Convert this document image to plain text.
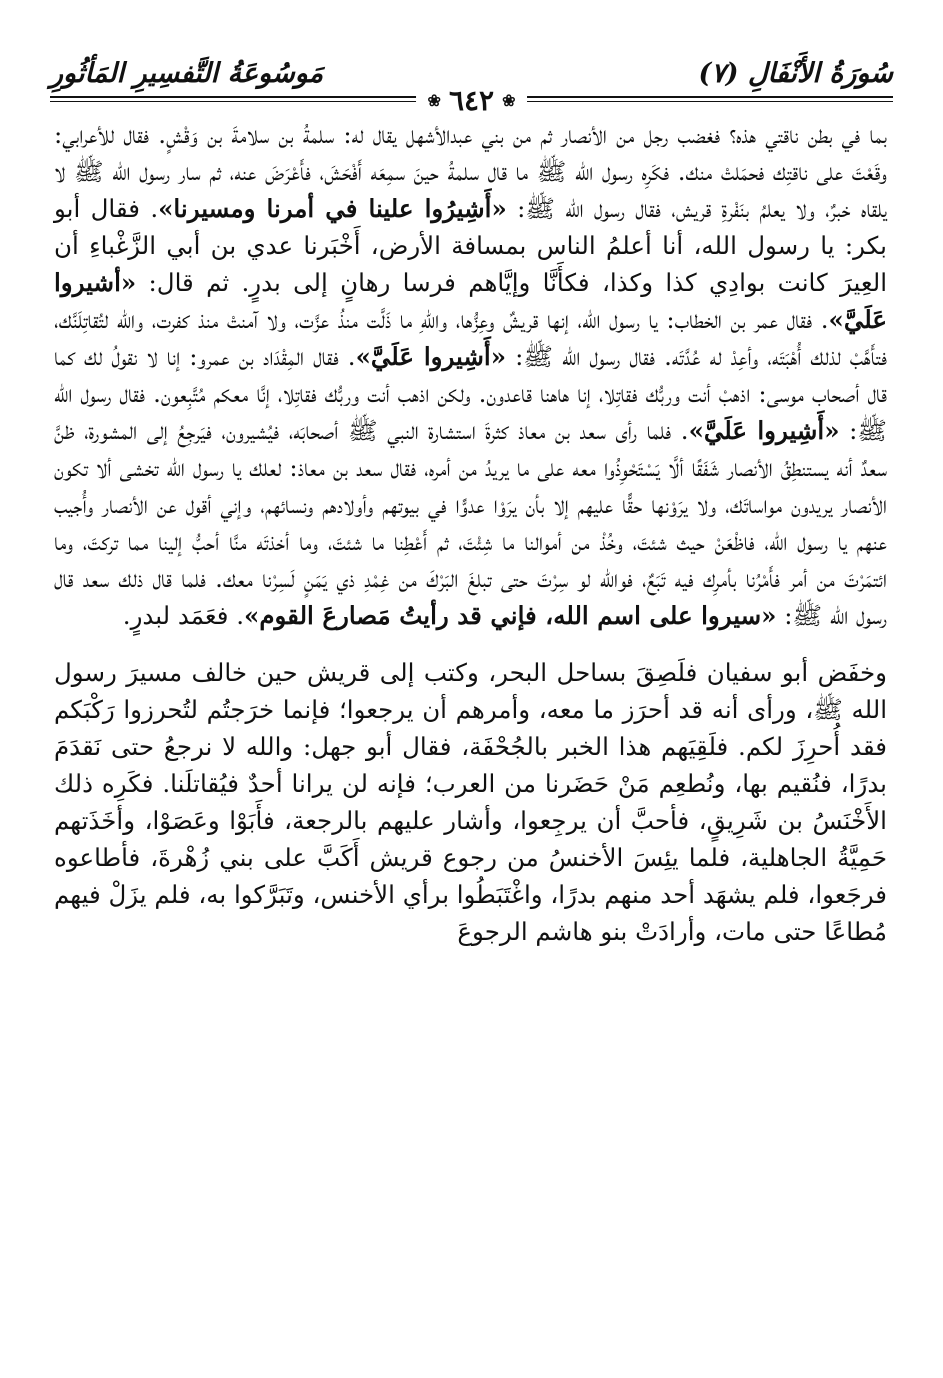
سُورَةُ الأَنْفَالِ (٧)
مَوسُوعَةُ التَّفسِيرِ المَأثُورِ
❀
٦٤٢
❀

بما في بطن ناقتي هذه؟ فغضب رجل من الأنصار ثم من بني عبدالأشهل يقال له: سلمةُ بن سلامةَ بن وَقْشٍ. فقال للأعرابي: وقَعْتَ على ناقتِك فحمَلتْ منك. فكَرِه رسول الله ﷺ ما قال سلمةُ حينَ سمِعَه أَفْحَشَ، فأَعْرَضَ عنه، ثم سار رسول الله ﷺ لا يلقاه خبرٌ، ولا يعلمُ بنَفْرةِ قريش، فقال رسول الله ﷺ: «أَشِيرُوا علينا في أمرنا ومسيرنا». فقال أبو بكر: يا رسول الله، أنا أعلمُ الناس بمسافة الأرض، أَخْبَرنا عدي بن أبي الزَّغْباءِ أن العِيرَ كانت بوادِي كذا وكذا، فكأَنَّا وإيَّاهم فرسا رهانٍ إلى بدرٍ. ثم قال: «أشيروا عَلَيَّ». فقال عمر بن الخطاب: يا رسول الله، إنها قريشٌ وعِزُّها، واللهِ ما ذَلَّت منذُ عزَّت، ولا آمنتْ منذ كفرت، والله لتُقاتِلَنَّك، فتأَهَّبْ لذلك أُهْبَتَه، وأعِدْ له عُدَّتَه. فقال رسول الله ﷺ: «أَشِيروا عَلَيَّ». فقال المِقْدَاد بن عمرو: إنا لا نقولُ لك كما قال أصحاب موسى: اذهبْ أنت وربُّك فقاتِلا، إنا هاهنا قاعدون. ولكن اذهب أنت وربُّك فقاتِلا، إنَّا معكم مُتَّبِعون. فقال رسول الله ﷺ: «أَشِيروا عَلَيَّ». فلما رأى سعد بن معاذ كثرةَ استشارة النبي ﷺ أصحابَه، فيُشيرون، فيَرجِعُ إلى المشورة، ظنَّ سعدٌ أنه يستنطِقُ الأنصار شَفَقًا ألَّا يَسْتَحْوِذُوا معه على ما يريدُ من أمره، فقال سعد بن معاذ: لعلك يا رسول الله تخشى ألا تكون الأنصار يريدون مواساتَك، ولا يرَوْنها حقًّا عليهم إلا بأن يرَوْا عدوًّا في بيوتهم وأولادهم ونسائهم، وإني أقول عن الأنصار وأُجيب عنهم يا رسول الله، فاظْعَنْ حيث شئتَ، وخُذْ من أموالنا ما شِئْتَ، ثم أَعْطِنا ما شئتَ، وما أخذتَه منَّا أحبُّ إلينا مما تركتَ، وما ائتمَرْتَ من أمر فأَمْرُنا بأمرِك فيه تَبَعٌ، فوالله لو سِرْتَ حتى تبلغَ البَرْكَ من غِمْدِ ذي يَمَنٍ لَسِرْنا معك. فلما قال ذلك سعد قال رسول الله ﷺ: «سيروا على اسم الله، فإني قد رأيتُ مَصارعَ القوم». فعَمَد لبدرٍ.

وخفَض أبو سفيان فلَصِقَ بساحل البحر، وكتب إلى قريش حين خالف مسيرَ رسول الله ﷺ، ورأى أنه قد أحرَز ما معه، وأمرهم أن يرجعوا؛ فإنما خرَجتُم لتُحرزوا رَكْبَكم فقد أُحرِزَ لكم. فلَقِيَهم هذا الخبر بالجُحْفَة، فقال أبو جهل: والله لا نرجعُ حتى نَقدَمَ بدرًا، فنُقيم بها، ونُطعِم مَنْ حَضَرنا من العرب؛ فإنه لن يرانا أحدٌ فيُقاتلَنا. فكَرِه ذلك الأَخْنَسُ بن شَرِيقٍ، فأحبَّ أن يرجِعوا، وأشار عليهم بالرجعة، فأَبَوْا وعَصَوْا، وأخَذَتهم حَمِيَّةُ الجاهلية، فلما يئِسَ الأخنسُ من رجوع قريش أَكَبَّ على بني زُهْرةَ، فأطاعوه فرجَعوا، فلم يشهَد أحد منهم بدرًا، واغْتَبَطُوا برأي الأخنس، وتَبَرَّكوا به، فلم يزَلْ فيهم مُطاعًا حتى مات، وأرادَتْ بنو هاشم الرجوعَ
